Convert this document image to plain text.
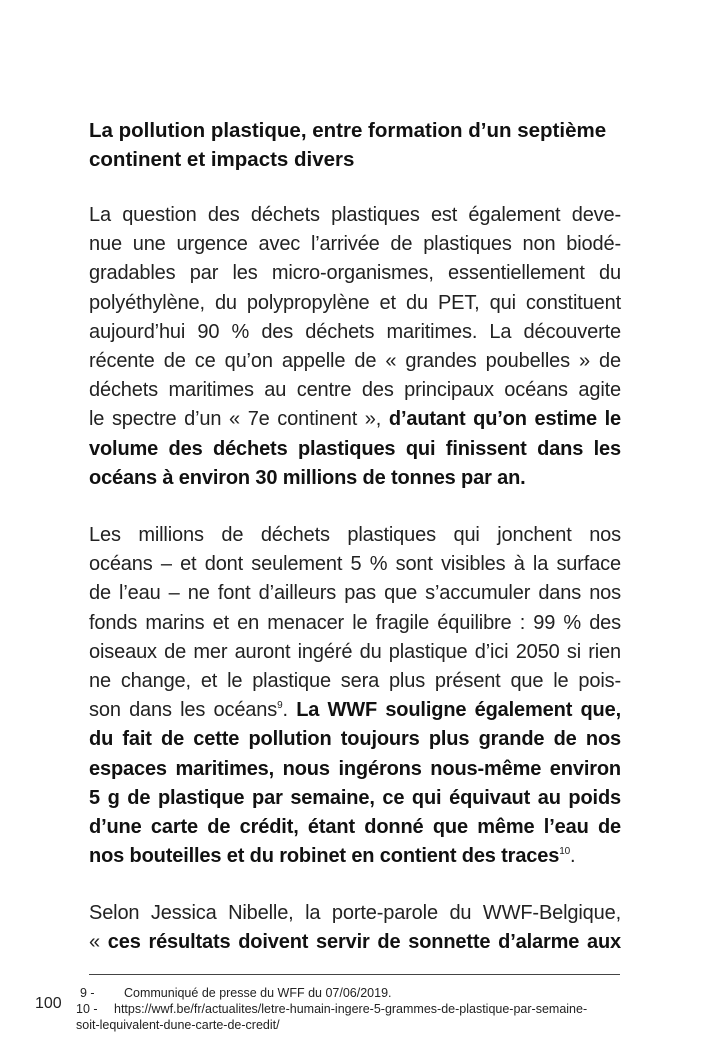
La pollution plastique, entre formation d’un septième
continent et impacts divers
La question des déchets plastiques est également deve-
nue une urgence avec l’arrivée de plastiques non biodé-
gradables par les micro-organismes, essentiellement du
polyéthylène, du polypropylène et du PET, qui constituent
aujourd’hui 90 % des déchets maritimes. La découverte
récente de ce qu’on appelle de « grandes poubelles » de
déchets maritimes au centre des principaux océans agite
le spectre d’un « 7e continent », d’autant qu’on estime le
volume des déchets plastiques qui finissent dans les
océans à environ 30 millions de tonnes par an.
Les millions de déchets plastiques qui jonchent nos
océans – et dont seulement 5 % sont visibles à la surface
de l’eau – ne font d’ailleurs pas que s’accumuler dans nos
fonds marins et en menacer le fragile équilibre : 99 % des
oiseaux de mer auront ingéré du plastique d’ici 2050 si rien
ne change, et le plastique sera plus présent que le pois-
son dans les océans$^9$. La WWF souligne également que,
du fait de cette pollution toujours plus grande de nos
espaces maritimes, nous ingérons nous-même environ
5 g de plastique par semaine, ce qui équivaut au poids
d’une carte de crédit, étant donné que même l’eau de
nos bouteilles et du robinet en contient des traces$^{10}$.
Selon Jessica Nibelle, la porte-parole du WWF-Belgique,
« ces résultats doivent servir de sonnette d’alarme aux
100
9 - Communiqué de presse du WFF du 07/06/2019.
10 - https://wwf.be/fr/actualites/letre-humain-ingere-5-grammes-de-plastique-par-semaine-
soit-lequivalent-dune-carte-de-credit/
